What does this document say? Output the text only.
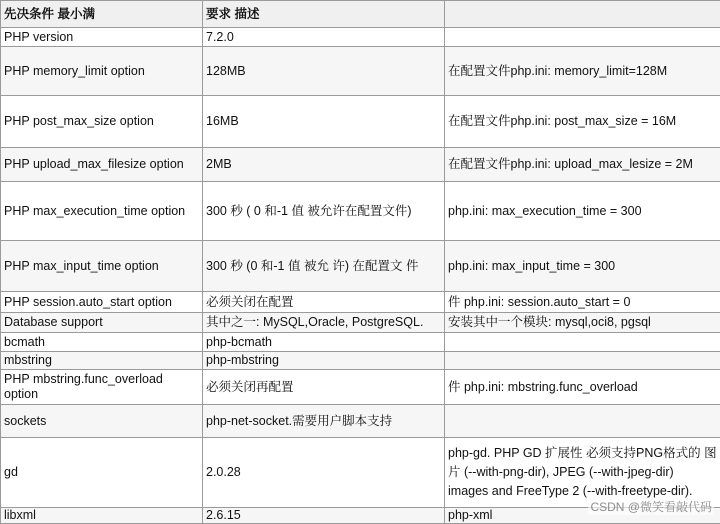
先决条件 最小满	要求 描述	
PHP version	7.2.0	
PHP memory_limit option	128MB	在配置文件php.ini: memory_limit=128M
PHP post_max_size option	16MB	在配置文件php.ini: post_max_size = 16M
PHP upload_max_filesize option	2MB	在配置文件php.ini: upload_max_lesize = 2M
PHP max_execution_time option	300 秒 ( 0 和-1 值 被允许在配置文件)	php.ini: max_execution_time = 300
PHP max_input_time option	300 秒 (0 和-1 值 被允 许) 在配置文 件	php.ini: max_input_time = 300
PHP session.auto_start option	必须关闭在配置	件 php.ini: session.auto_start = 0
Database support	其中之一: MySQL,Oracle, PostgreSQL.	安装其中一个模块: mysql,oci8, pgsql
bcmath	php-bcmath	
mbstring	php-mbstring	
PHP mbstring.func_overload option	必须关闭再配置	件 php.ini: mbstring.func_overload
sockets	php-net-socket.需要用户脚本支持	
gd	2.0.28	php-gd. PHP GD 扩展性 必须支持PNG格式的 图 片 (--with-png-dir), JPEG (--with-jpeg-dir) images and FreeType 2 (--with-freetype-dir).
libxml	2.6.15	php-xml
CSDN @微笑看敲代码
